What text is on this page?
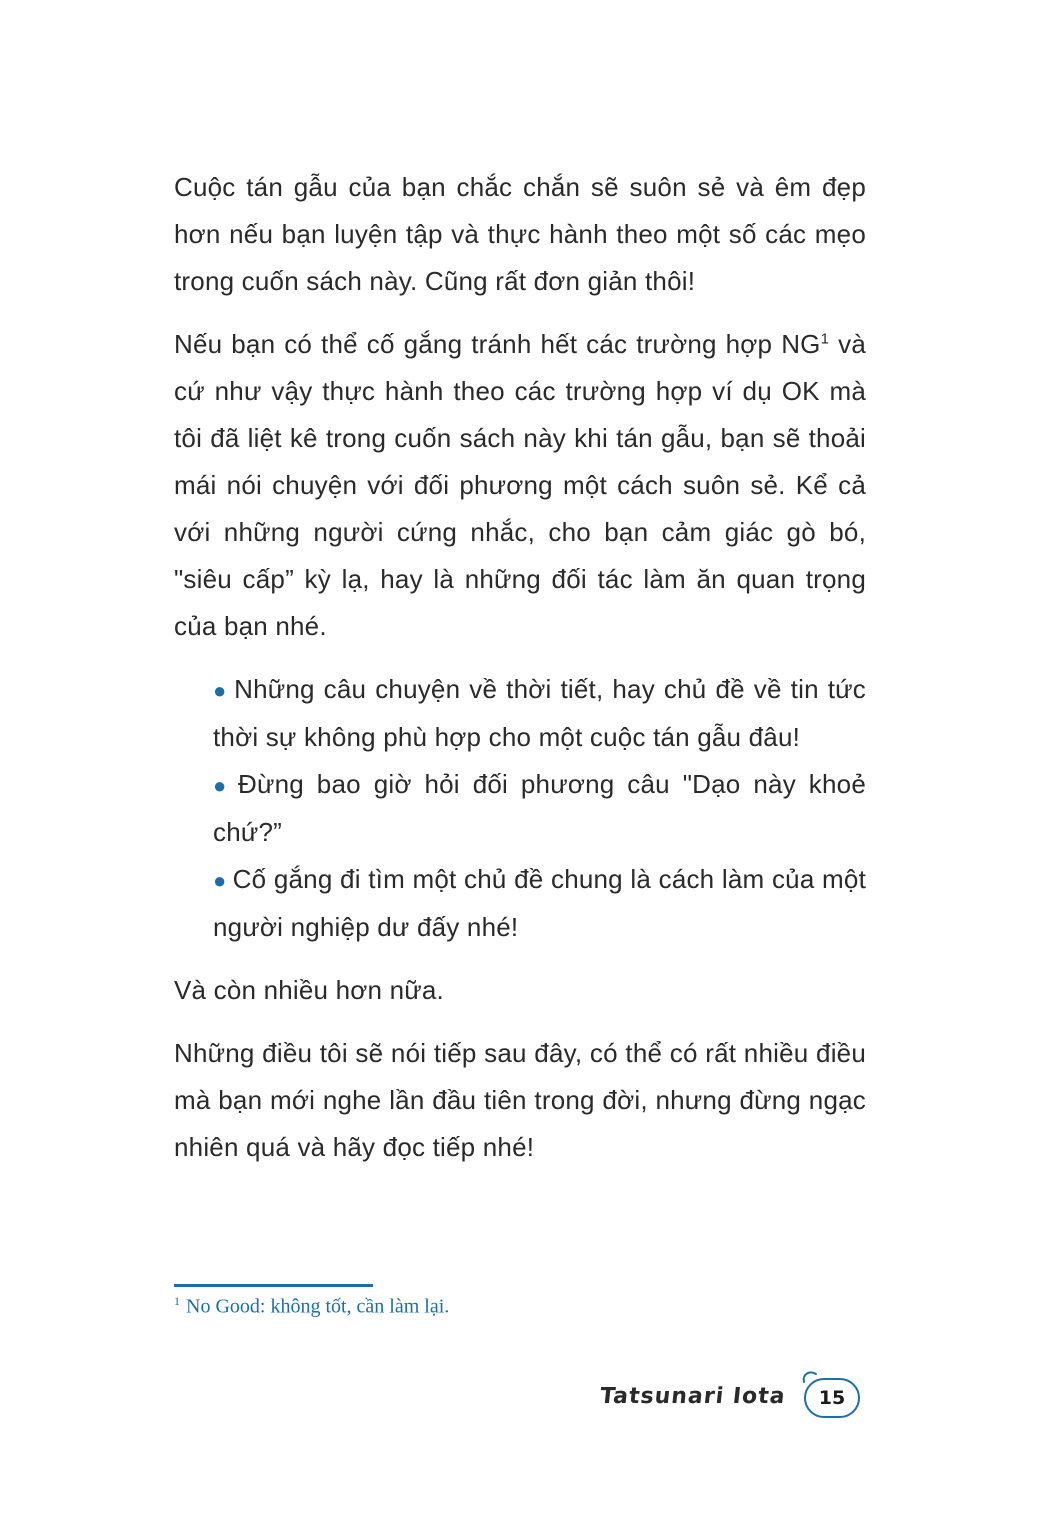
Cuộc tán gẫu của bạn chắc chắn sẽ suôn sẻ và êm đẹp hơn nếu bạn luyện tập và thực hành theo một số các mẹo trong cuốn sách này. Cũng rất đơn giản thôi!

Nếu bạn có thể cố gắng tránh hết các trường hợp $NG^1$ và cứ như vậy thực hành theo các trường hợp ví dụ OK mà tôi đã liệt kê trong cuốn sách này khi tán gẫu, bạn sẽ thoải mái nói chuyện với đối phương một cách suôn sẻ. Kể cả với những người cứng nhắc, cho bạn cảm giác gò bó, "siêu cấp” kỳ lạ, hay là những đối tác làm ăn quan trọng của bạn nhé.

● Những câu chuyện về thời tiết, hay chủ đề về tin tức thời sự không phù hợp cho một cuộc tán gẫu đâu!
● Đừng bao giờ hỏi đối phương câu "Dạo này khoẻ chứ?”
● Cố gắng đi tìm một chủ đề chung là cách làm của một người nghiệp dư đấy nhé!

Và còn nhiều hơn nữa.

Những điều tôi sẽ nói tiếp sau đây, có thể có rất nhiều điều mà bạn mới nghe lần đầu tiên trong đời, nhưng đừng ngạc nhiên quá và hãy đọc tiếp nhé!

$^1$ No Good: không tốt, cần làm lại.
Tatsunari Iota 15
